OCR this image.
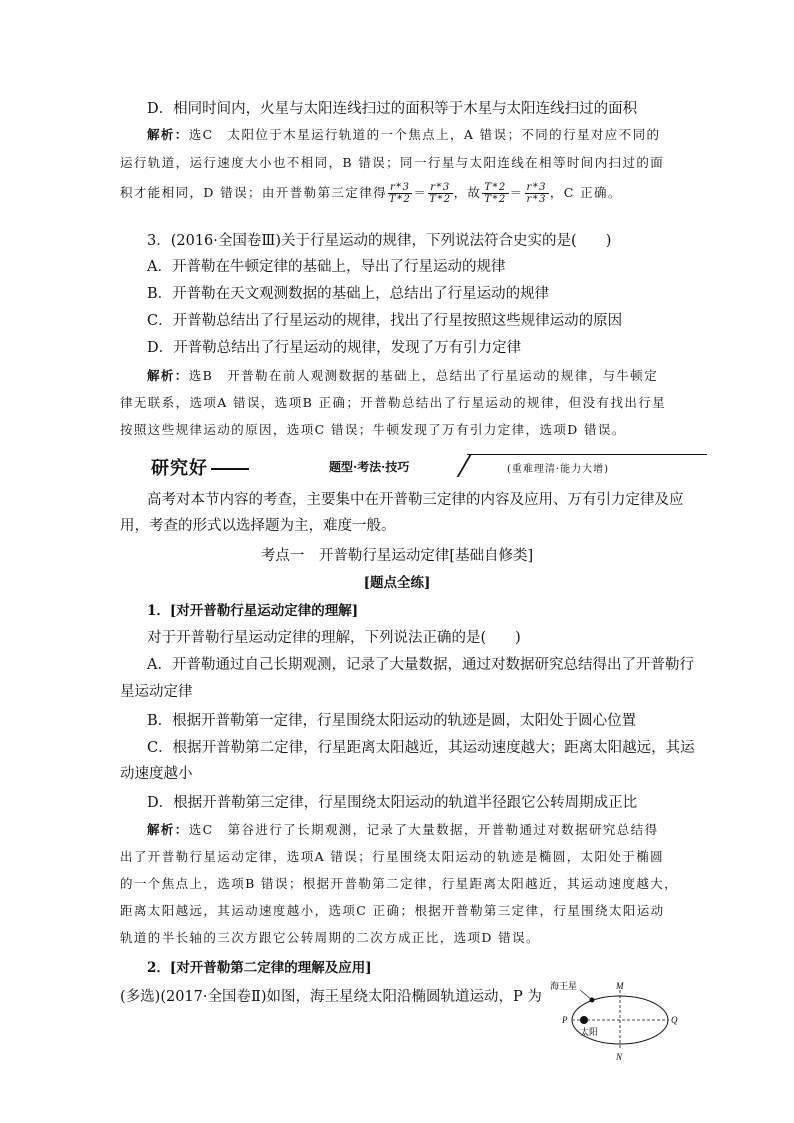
D．相同时间内，火星与太阳连线扫过的面积等于木星与太阳连线扫过的面积
解析：选C 太阳位于木星运行轨道的一个焦点上，A 错误；不同的行星对应不同的
运行轨道，运行速度大小也不相同，B 错误；同一行星与太阳连线在相等时间内扫过的面
积才能相同，D 错误；由开普勒第三定律得 $\frac{r*3}{T*2} = \frac{r*3}{T*2}$ ，故 $\frac{T*2}{T*2} = \frac{r*3}{r*3}$ ，C 正确。
3．(2016·全国卷Ⅲ)关于行星运动的规律，下列说法符合史实的是(　　)
A．开普勒在牛顿定律的基础上，导出了行星运动的规律
B．开普勒在天文观测数据的基础上，总结出了行星运动的规律
C．开普勒总结出了行星运动的规律，找出了行星按照这些规律运动的原因
D．开普勒总结出了行星运动的规律，发现了万有引力定律
解析：选B 开普勒在前人观测数据的基础上，总结出了行星运动的规律，与牛顿定
律无联系，选项A 错误，选项B 正确；开普勒总结出了行星运动的规律，但没有找出行星
按照这些规律运动的原因，选项C 错误；牛顿发现了万有引力定律，选项D 错误。
研究好	题型·考法·技巧	(重难理清·能力大增)
高考对本节内容的考查，主要集中在开普勒三定律的内容及应用、万有引力定律及应
用，考查的形式以选择题为主，难度一般。
考点一　开普勒行星运动定律[基础自修类]
[题点全练]
1．[对开普勒行星运动定律的理解]
对于开普勒行星运动定律的理解，下列说法正确的是(　　)
A．开普勒通过自己长期观测，记录了大量数据，通过对数据研究总结得出了开普勒行
星运动定律
B．根据开普勒第一定律，行星围绕太阳运动的轨迹是圆，太阳处于圆心位置
C．根据开普勒第二定律，行星距离太阳越近，其运动速度越大；距离太阳越远，其运
动速度越小
D．根据开普勒第三定律，行星围绕太阳运动的轨道半径跟它公转周期成正比
解析：选C 第谷进行了长期观测，记录了大量数据，开普勒通过对数据研究总结得
出了开普勒行星运动定律，选项A 错误；行星围绕太阳运动的轨迹是椭圆，太阳处于椭圆
的一个焦点上，选项B 错误；根据开普勒第二定律，行星距离太阳越近，其运动速度越大，
距离太阳越远，其运动速度越小，选项C 正确；根据开普勒第三定律，行星围绕太阳运动
轨道的半长轴的三次方跟它公转周期的二次方成正比，选项D 错误。
2．[对开普勒第二定律的理解及应用]
(多选)(2017·全国卷Ⅱ)如图，海王星绕太阳沿椭圆轨道运动，P 为
海王星
太阳
P	Q
M
N
